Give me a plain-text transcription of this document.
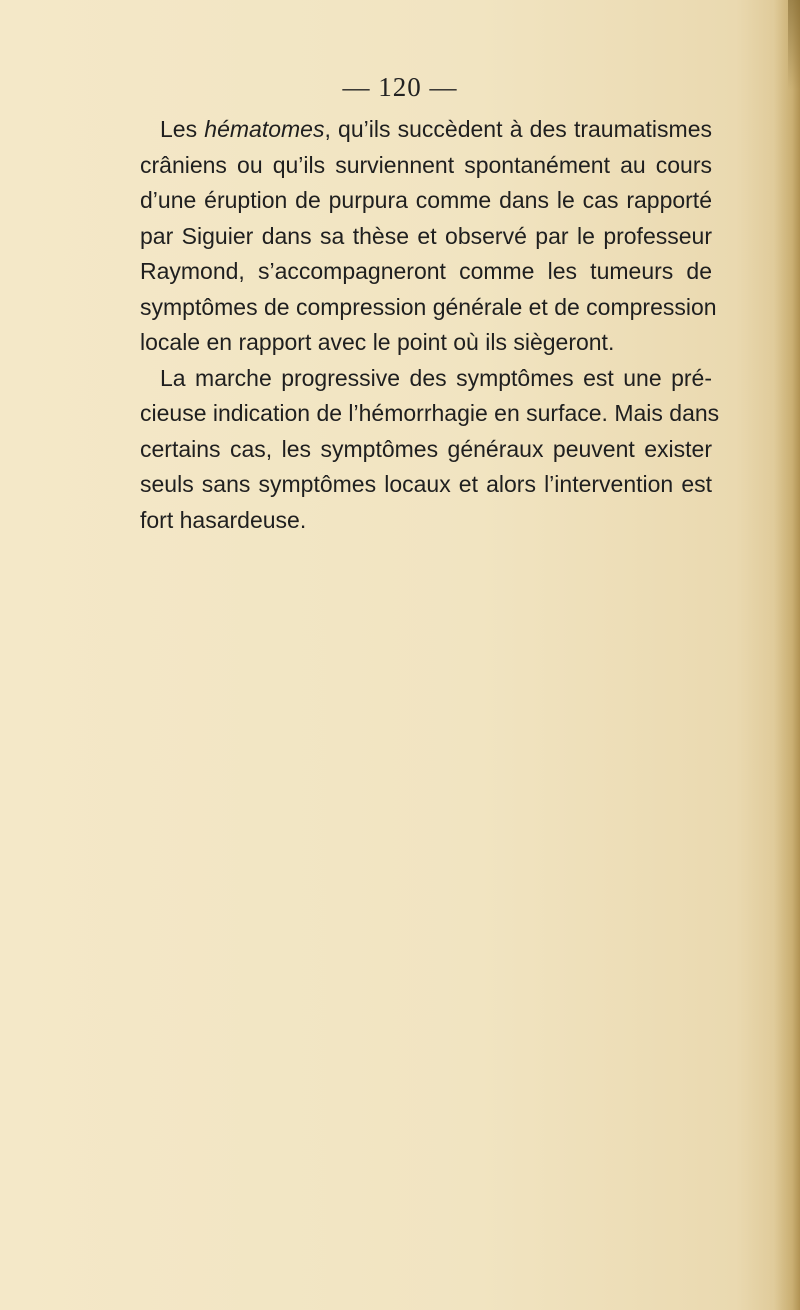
— 120 —

Les hématomes, qu’ils succèdent à des traumatismes
crâniens ou qu’ils surviennent spontanément au cours
d’une éruption de purpura comme dans le cas rapporté
par Siguier dans sa thèse et observé par le professeur
Raymond, s’accompagneront comme les tumeurs de
symptômes de compression générale et de compression
locale en rapport avec le point où ils siègeront.

La marche progressive des symptômes est une pré-
cieuse indication de l’hémorrhagie en surface. Mais dans
certains cas, les symptômes généraux peuvent exister
seuls sans symptômes locaux et alors l’intervention est
fort hasardeuse.
